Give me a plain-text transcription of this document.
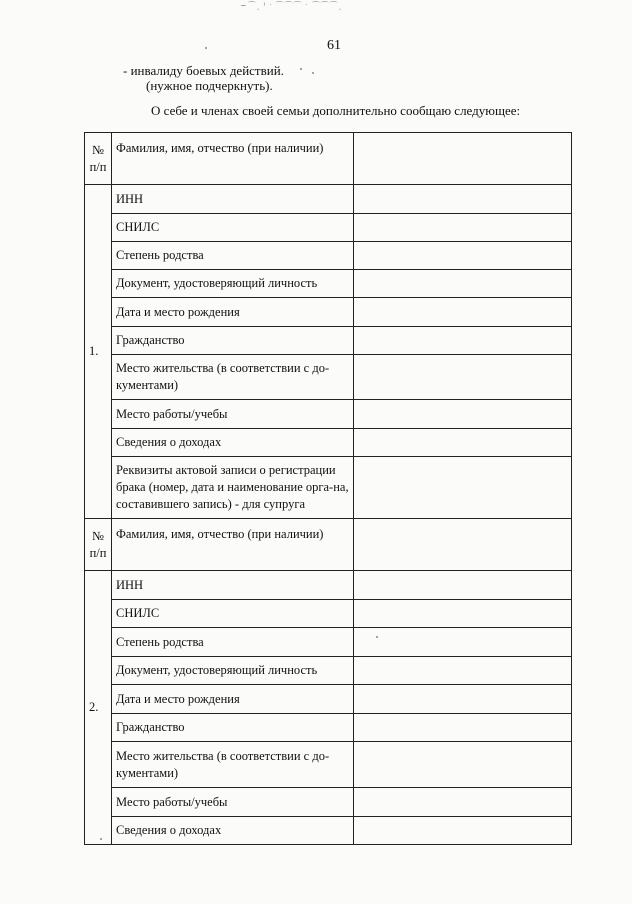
∽⌒ˏ ⁾ ˑ ⌒⌒⌒ ˑ ⌒⌒⌒ˏ
61
- инвалиду боевых действий.
(нужное подчеркнуть).
О себе и членах своей семьи дополнительно сообщаю следующее:
№
п/п	Фамилия, имя, отчество (при наличии)	
1.	ИНН	
	СНИЛС	
	Степень родства	
	Документ, удостоверяющий личность	
	Дата и место рождения	
	Гражданство	
	Место жительства (в соответствии с до-кументами)	
	Место работы/учебы	
	Сведения о доходах	
	Реквизиты актовой записи о регистрации брака (номер, дата и наименование орга-на, составившего запись) - для супруга	

№
п/п	Фамилия, имя, отчество (при наличии)	
2.	ИНН	
	СНИЛС	
	Степень родства	
	Документ, удостоверяющий личность	
	Дата и место рождения	
	Гражданство	
	Место жительства (в соответствии с до-кументами)	
	Место работы/учебы	
	Сведения о доходах	
